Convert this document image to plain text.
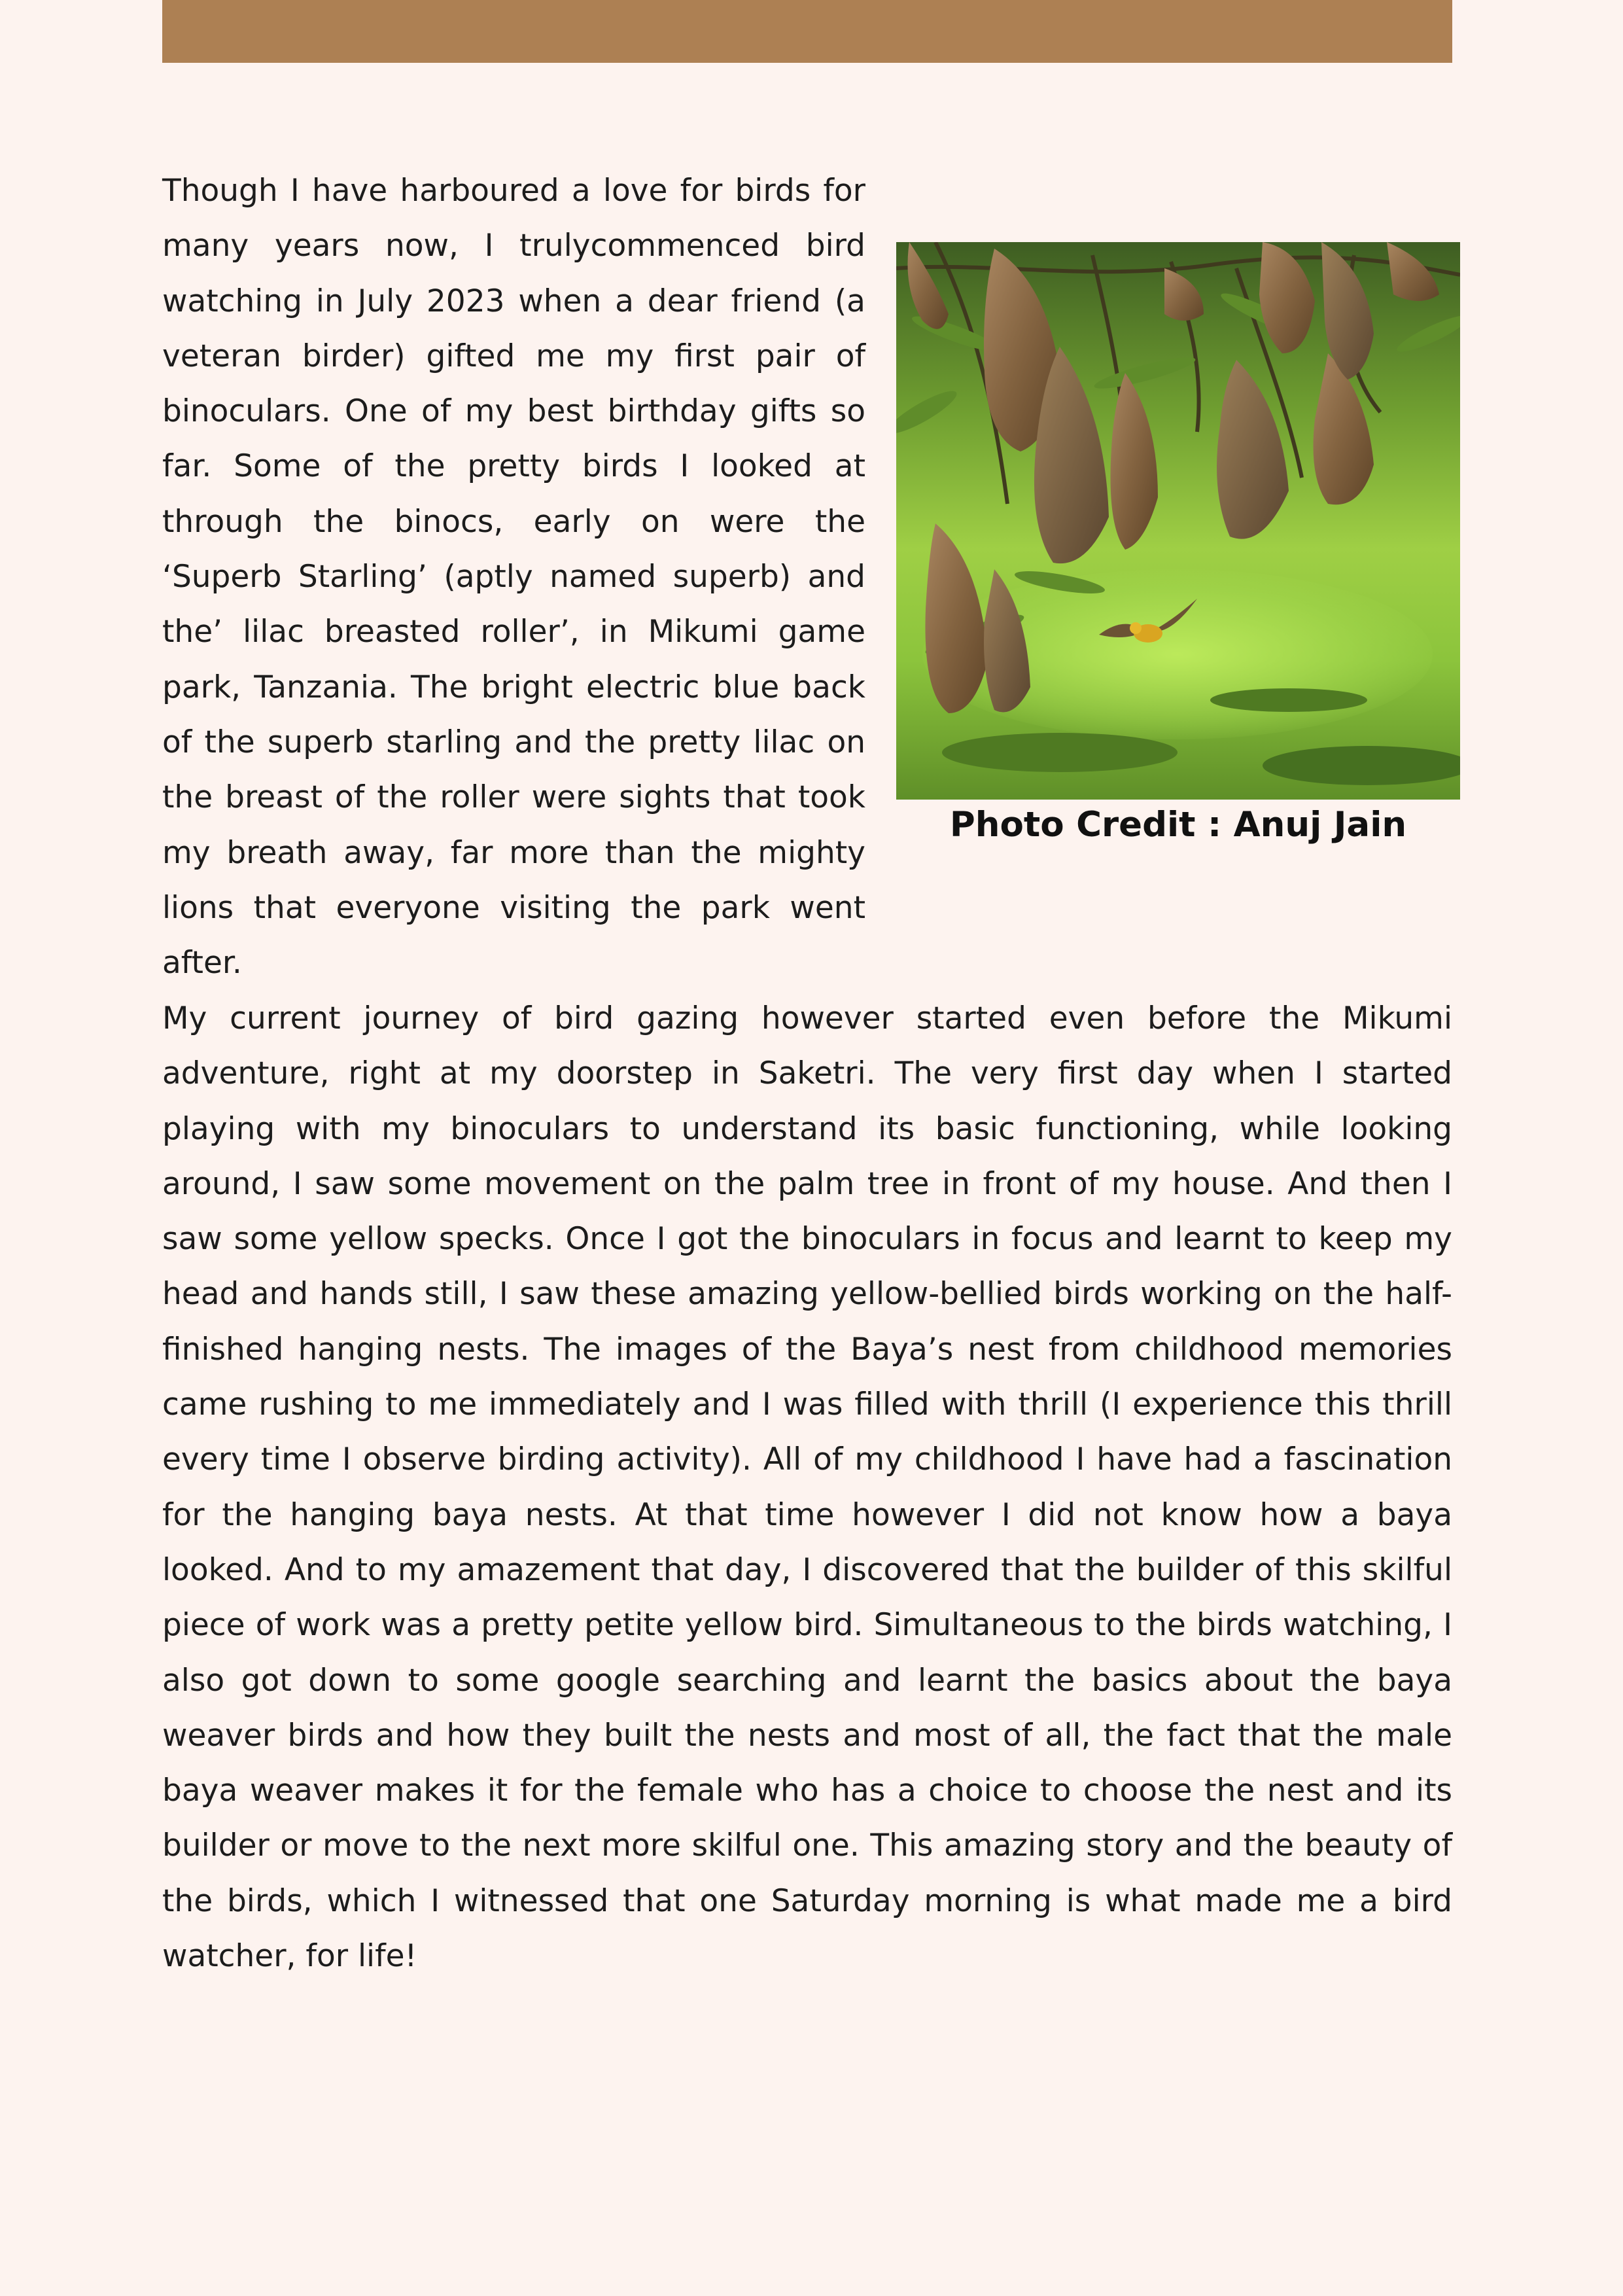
Though I have harboured a love for birds for many years now, I trulycommenced bird watching in July 2023 when a dear friend (a veteran birder) gifted me my first pair of binoculars. One of my best birthday gifts so far. Some of the pretty birds I looked at through the binocs, early on were the ‘Superb Starling’ (aptly named superb) and the’ lilac breasted roller’, in Mikumi game park, Tanzania. The bright electric blue back of the superb starling and the pretty lilac on the breast of the roller were sights that took my breath away, far more than the mighty lions that everyone visiting the park went after.

Photo Credit : Anuj Jain

My current journey of bird gazing however started even before the Mikumi adventure, right at my doorstep in Saketri. The very first day when I started playing with my binoculars to understand its basic functioning, while looking around, I saw some movement on the palm tree in front of my house. And then I saw some yellow specks. Once I got the binoculars in focus and learnt to keep my head and hands still, I saw these amazing yellow-bellied birds working on the half-finished hanging nests. The images of the Baya’s nest from childhood memories came rushing to me immediately and I was filled with thrill (I experience this thrill every time I observe birding activity). All of my childhood I have had a fascination for the hanging baya nests. At that time however I did not know how a baya looked. And to my amazement that day, I discovered that the builder of this skilful piece of work was a pretty petite yellow bird. Simultaneous to the birds watching, I also got down to some google searching and learnt the basics about the baya weaver birds and how they built the nests and most of all, the fact that the male baya weaver makes it for the female who has a choice to choose the nest and its builder or move to the next more skilful one. This amazing story and the beauty of the birds, which I witnessed that one Saturday morning is what made me a bird watcher, for life!
